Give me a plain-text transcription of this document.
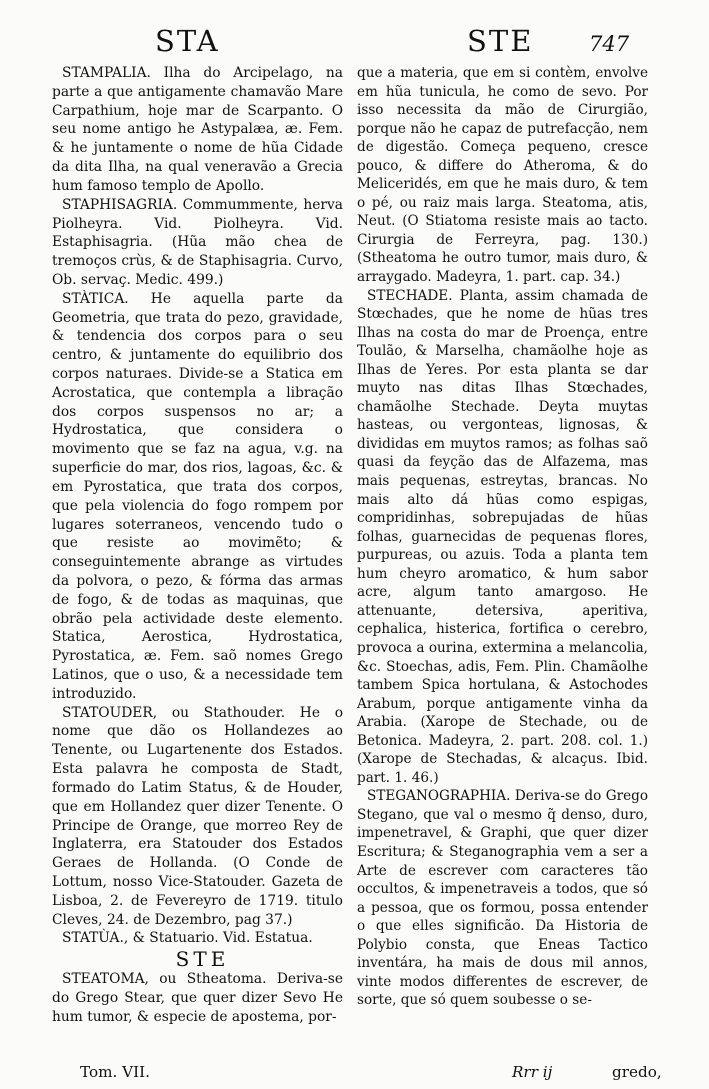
STA	STE	747

STAMPALIA. Ilha do Arcipelago, na parte a que antigamente chamavão Mare Carpathium, hoje mar de Scarpanto. O seu nome antigo he Astypalæa, æ. Fem. & he juntamente o nome de hũa Cidade da dita Ilha, na qual veneravão a Grecia hum famoso templo de Apollo.

STAPHISAGRIA. Commummente, herva Piolheyra. Vid. Piolheyra. Vid. Estaphisagria. (Hũa mão chea de tremoços crùs, & de Staphisagria. Curvo, Ob. servaç. Medic. 499.)

STÀTICA. He aquella parte da Geometria, que trata do pezo, gravidade, & tendencia dos corpos para o seu centro, & juntamente do equilibrio dos corpos naturaes. Divide-se a Statica em Acrostatica, que contempla a libração dos corpos suspensos no ar; a Hydrostatica, que considera o movimento que se faz na agua, v.g. na superficie do mar, dos rios, lagoas, &c. & em Pyrostatica, que trata dos corpos, que pela violencia do fogo rompem por lugares soterraneos, vencendo tudo o que resiste ao movimẽto; & conseguintemente abrange as virtudes da polvora, o pezo, & fórma das armas de fogo, & de todas as maquinas, que obrão pela actividade deste elemento. Statica, Aerostica, Hydrostatica, Pyrostatica, æ. Fem. saõ nomes Grego Latinos, que o uso, & a necessidade tem introduzido.

STATOUDER, ou Stathouder. He o nome que dão os Hollandezes ao Tenente, ou Lugartenente dos Estados. Esta palavra he composta de Stadt, formado do Latim Status, & de Houder, que em Hollandez quer dizer Tenente. O Principe de Orange, que morreo Rey de Inglaterra, era Statouder dos Estados Geraes de Hollanda. (O Conde de Lottum, nosso Vice-Statouder. Gazeta de Lisboa, 2. de Fevereyro de 1719. titulo Cleves, 24. de Dezembro, pag 37.)

STATÙA., & Statuario. Vid. Estatua.

STE

STEATOMA, ou Stheatoma. Deriva-se do Grego Stear, que quer dizer Sevo He hum tumor, & especie de apostema, por-

que a materia, que em si contèm, envolve em hũa tunicula, he como de sevo. Por isso necessita da mão de Cirurgião, porque não he capaz de putrefacção, nem de digestão. Começa pequeno, cresce pouco, & differe do Atheroma, & do Meliceridés, em que he mais duro, & tem o pé, ou raiz mais larga. Steatoma, atis, Neut. (O Stiatoma resiste mais ao tacto. Cirurgia de Ferreyra, pag. 130.) (Stheatoma he outro tumor, mais duro, & arraygado. Madeyra, 1. part. cap. 34.)

STECHADE. Planta, assim chamada de Stœchades, que he nome de hũas tres Ilhas na costa do mar de Proença, entre Toulão, & Marselha, chamãolhe hoje as Ilhas de Yeres. Por esta planta se dar muyto nas ditas Ilhas Stœchades, chamãolhe Stechade. Deyta muytas hasteas, ou vergonteas, lignosas, & divididas em muytos ramos; as folhas saõ quasi da feyção das de Alfazema, mas mais pequenas, estreytas, brancas. No mais alto dá hũas como espigas, compridinhas, sobrepujadas de hũas folhas, guarnecidas de pequenas flores, purpureas, ou azuis. Toda a planta tem hum cheyro aromatico, & hum sabor acre, algum tanto amargoso. He attenuante, detersiva, aperitiva, cephalica, histerica, fortifica o cerebro, provoca a ourina, extermina a melancolia, &c. Stoechas, adis, Fem. Plin. Chamãolhe tambem Spica hortulana, & Astochodes Arabum, porque antigamente vinha da Arabia. (Xarope de Stechade, ou de Betonica. Madeyra, 2. part. 208. col. 1.) (Xarope de Stechadas, & alcaçus. Ibid. part. 1. 46.)

STEGANOGRAPHIA. Deriva-se do Grego Stegano, que val o mesmo q̃ denso, duro, impenetravel, & Graphi, que quer dizer Escritura; & Steganographia vem a ser a Arte de escrever com caracteres tão occultos, & impenetraveis a todos, que só a pessoa, que os formou, possa entender o que elles significão. Da Historia de Polybio consta, que Eneas Tactico inventára, ha mais de dous mil annos, vinte modos differentes de escrever, de sorte, que só quem soubesse o se-

Tom. VII.	Rrr ij	gredo,
